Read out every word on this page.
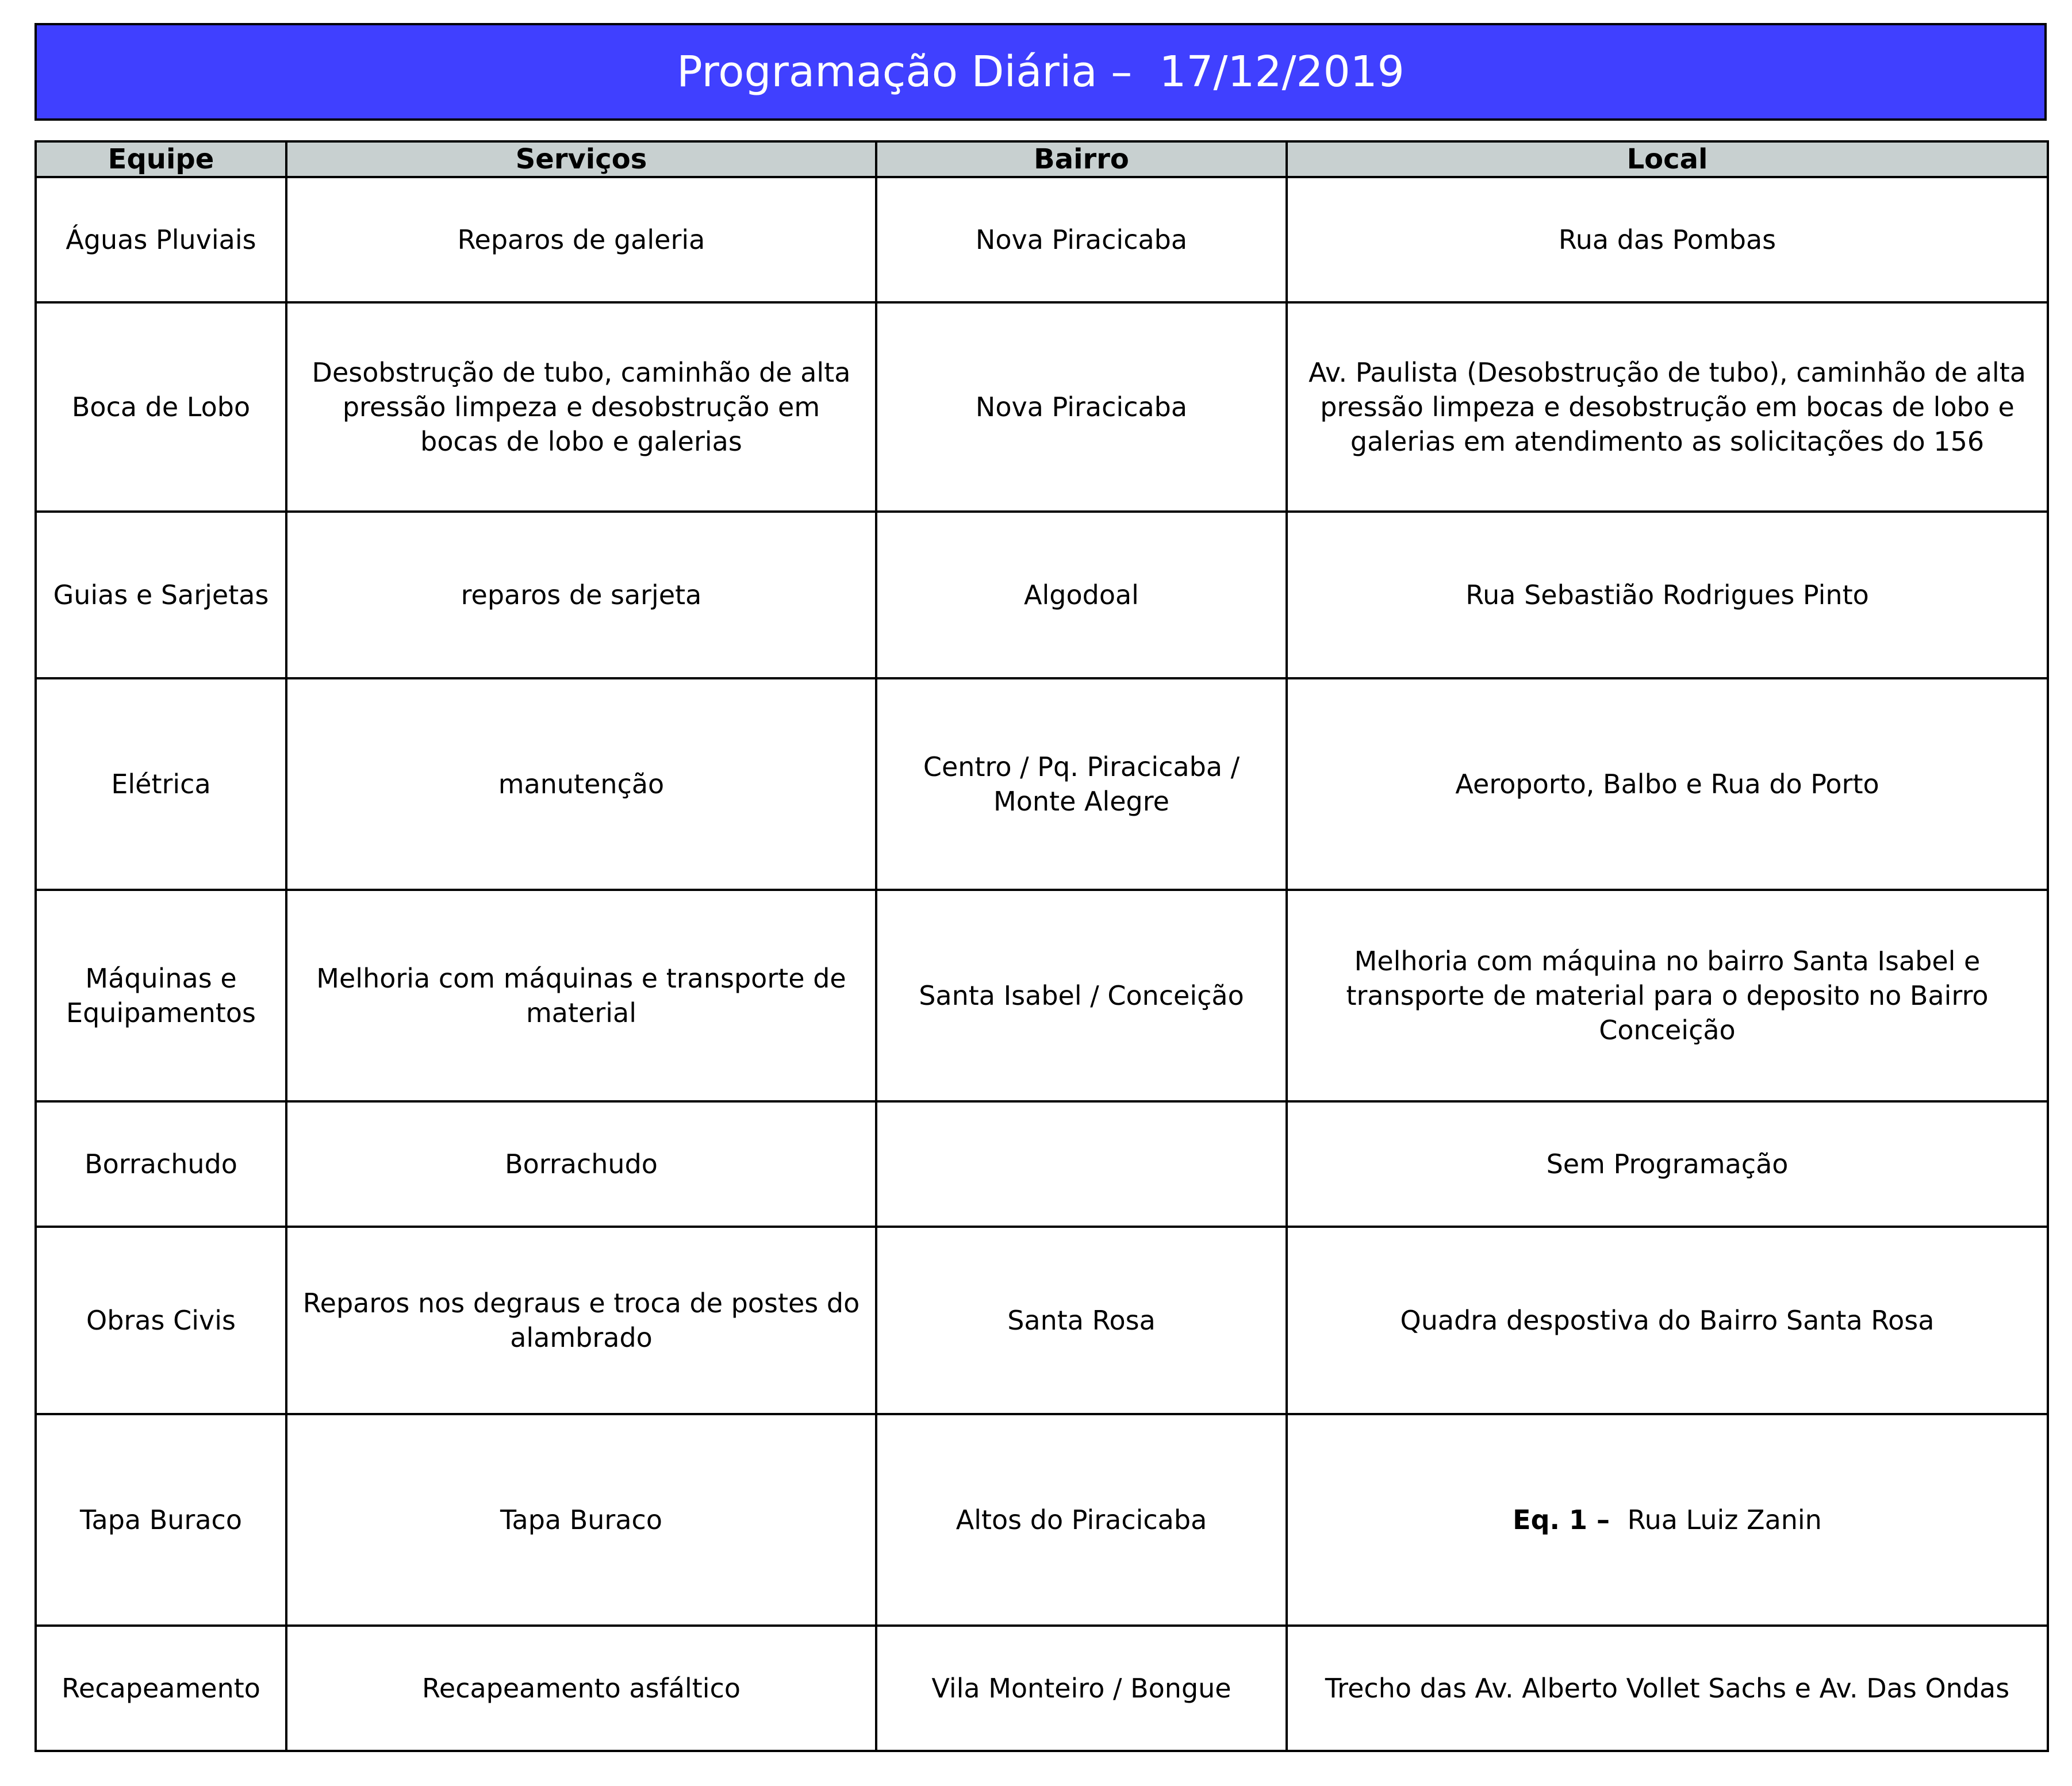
Programação Diária –  17/12/2019
Equipe	Serviços	Bairro	Local
Águas Pluviais	Reparos de galeria	Nova Piracicaba	Rua das Pombas
Boca de Lobo	Desobstrução de tubo, caminhão de alta pressão limpeza e desobstrução em bocas de lobo e galerias	Nova Piracicaba	Av. Paulista (Desobstrução de tubo), caminhão de alta pressão limpeza e desobstrução em bocas de lobo e galerias em atendimento as solicitações do 156
Guias e Sarjetas	reparos de sarjeta	Algodoal	Rua Sebastião Rodrigues Pinto
Elétrica	manutenção	Centro / Pq. Piracicaba / Monte Alegre	Aeroporto, Balbo e Rua do Porto
Máquinas e Equipamentos	Melhoria com máquinas e transporte de material	Santa Isabel / Conceição	Melhoria com máquina no bairro Santa Isabel e transporte de material para o deposito no Bairro Conceição
Borrachudo	Borrachudo		Sem Programação
Obras Civis	Reparos nos degraus e troca de postes do alambrado	Santa Rosa	Quadra despostiva do Bairro Santa Rosa
Tapa Buraco	Tapa Buraco	Altos do Piracicaba	Eq. 1 –  Rua Luiz Zanin
Recapeamento	Recapeamento asfáltico	Vila Monteiro / Bongue	Trecho das Av. Alberto Vollet Sachs e Av. Das Ondas
